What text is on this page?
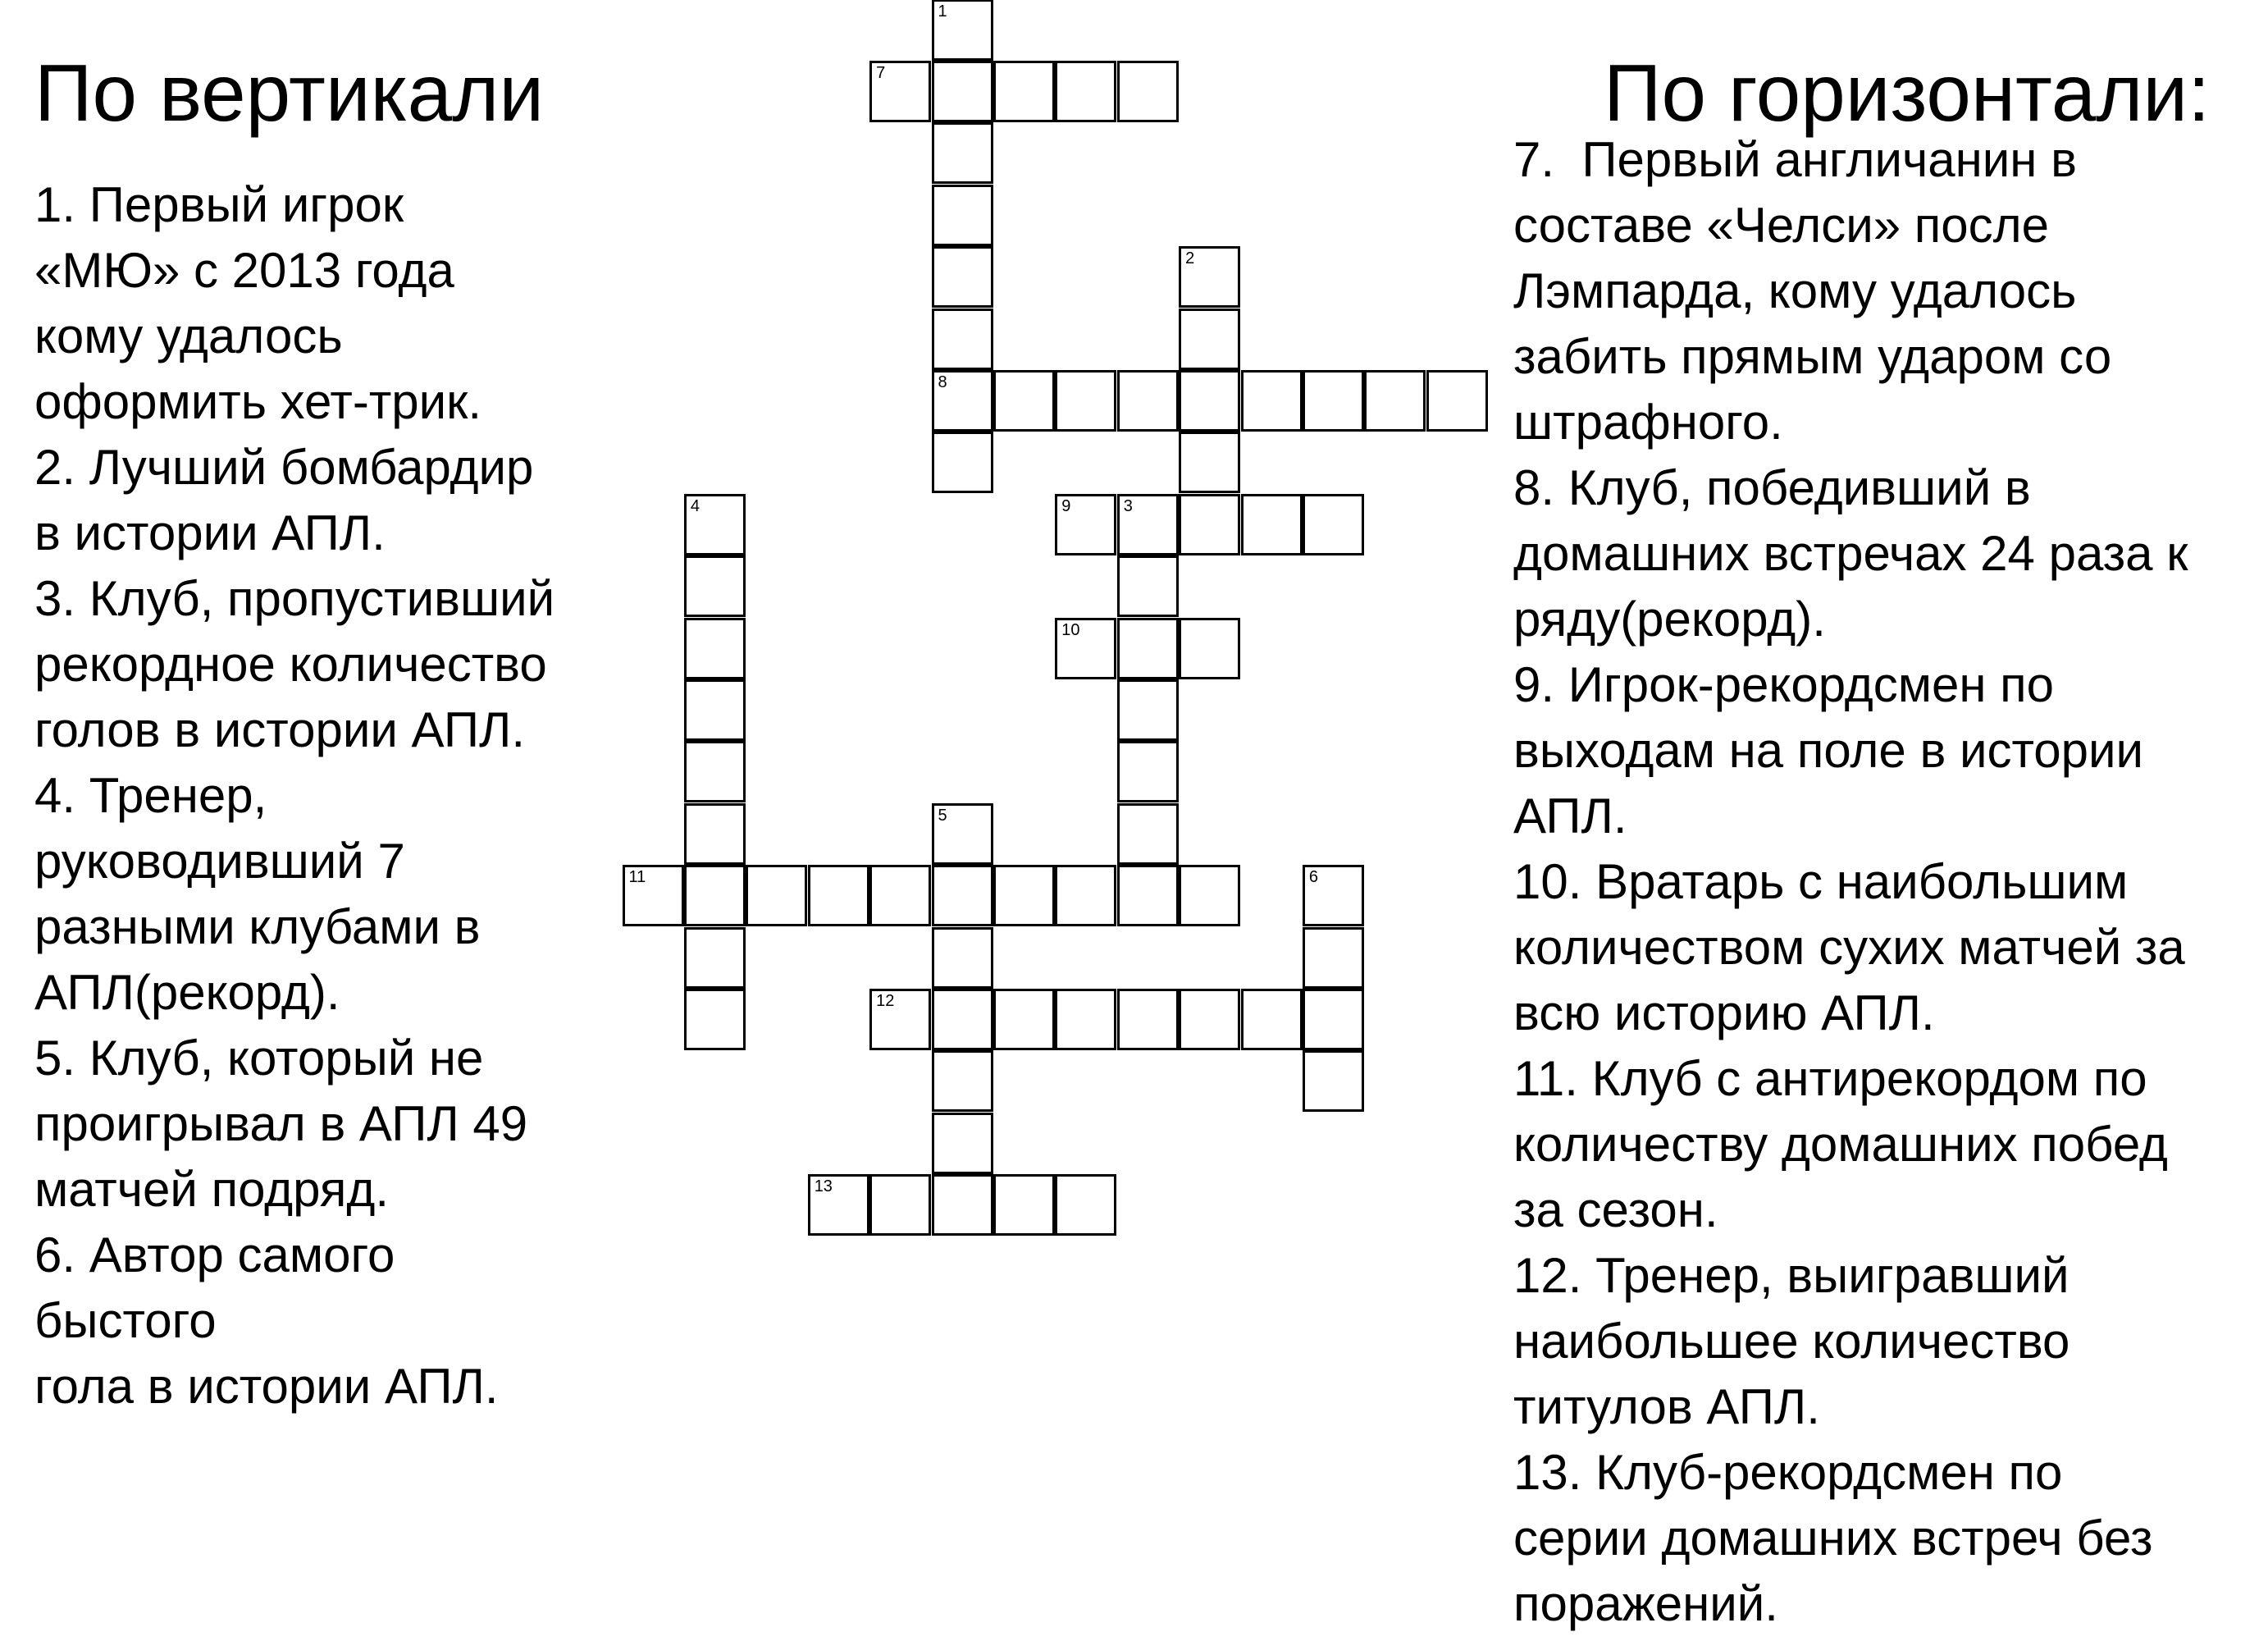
По вертикали	По горизонтали:
1. Первый игрок
«МЮ» с 2013 года
кому удалось
оформить хет-трик.
2. Лучший бомбардир
в истории АПЛ.
3. Клуб, пропустивший
рекордное количество
голов в истории АПЛ.
4. Тренер,
руководивший 7
разными клубами в
АПЛ(рекорд).
5. Клуб, который не
проигрывал в АПЛ 49
матчей подряд.
6. Автор самого
быстого
гола в истории АПЛ.
7.  Первый англичанин в
составе «Челси» после
Лэмпарда, кому удалось
забить прямым ударом со
штрафного.
8. Клуб, победивший в
домашних встречах 24 раза к
ряду(рекорд).
9. Игрок-рекордсмен по
выходам на поле в истории
АПЛ.
10. Вратарь с наибольшим
количеством сухих матчей за
всю историю АПЛ.
11. Клуб с антирекордом по
количеству домашних побед
за сезон.
12. Тренер, выигравший
наибольшее количество
титулов АПЛ.
13. Клуб-рекордсмен по
серии домашних встреч без
поражений.
1
8
2
3
4
5
6
7
9
10
11
12
13
